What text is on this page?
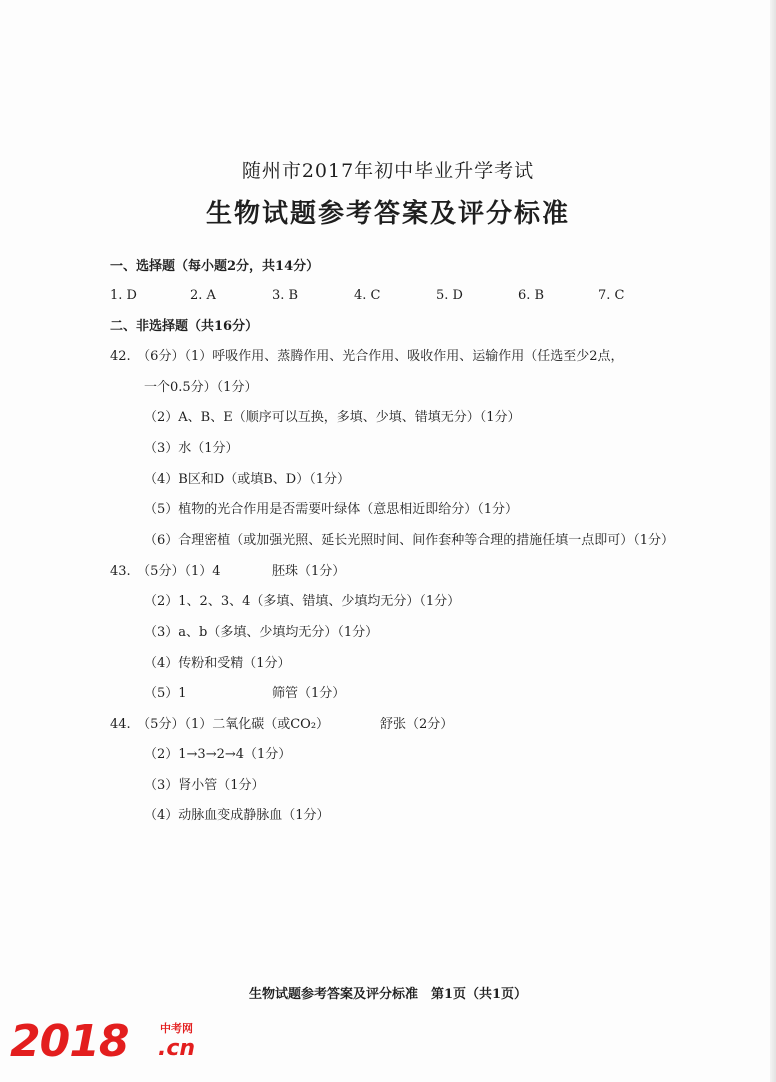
随州市2017年初中毕业升学考试
生物试题参考答案及评分标准
一、选择题（每小题2分，共14分）
1. D	2. A	3. B	4. C	5. D	6. B	7. C
二、非选择题（共16分）
42.　（6分）（1）呼吸作用、蒸腾作用、光合作用、吸收作用、运输作用（任选至少2点，
一个0.5分）（1分）
（2）A、B、E（顺序可以互换，多填、少填、错填无分）（1分）
（3）水（1分）
（4）B区和D（或填B、D）（1分）
（5）植物的光合作用是否需要叶绿体（意思相近即给分）（1分）
（6）合理密植（或加强光照、延长光照时间、间作套种等合理的措施任填一点即可）（1分）
43.　（5分）（1）4	胚珠（1分）
（2）1、2、3、4（多填、错填、少填均无分）（1分）
（3）a、b（多填、少填均无分）（1分）
（4）传粉和受精（1分）
（5）1	筛管（1分）
44.　（5分）（1）二氧化碳（或CO₂）	舒张（2分）
（2）1→3→2→4（1分）
（3）肾小管（1分）
（4）动脉血变成静脉血（1分）
生物试题参考答案及评分标准　第1页（共1页）
2018	中考网
.cn
